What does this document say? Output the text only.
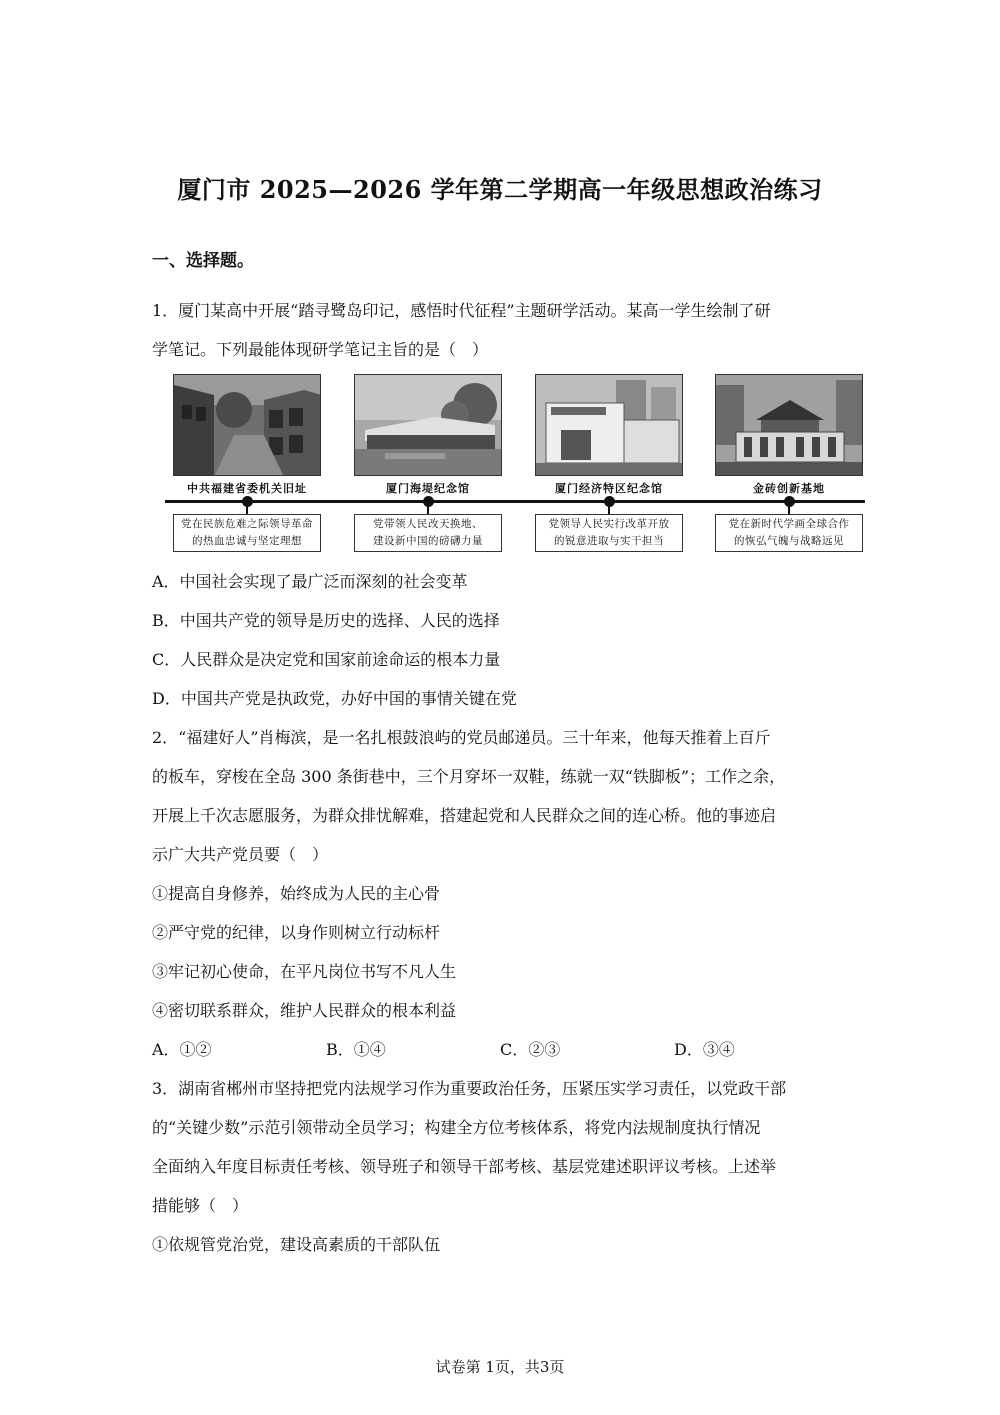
厦门市 2025—2026 学年第二学期高一年级思想政治练习
一、选择题。
1．厦门某高中开展“踏寻鹭岛印记，感悟时代征程”主题研学活动。某高一学生绘制了研
学笔记。下列最能体现研学笔记主旨的是（　）
中共福建省委机关旧址	厦门海堤纪念馆	厦门经济特区纪念馆	金砖创新基地
党在民族危难之际领导革命
的热血忠诚与坚定理想
党带领人民改天换地、
建设新中国的磅礴力量
党领导人民实行改革开放
的锐意进取与实干担当
党在新时代学画全球合作
的恢弘气魄与战略远见
A．中国社会实现了最广泛而深刻的社会变革
B．中国共产党的领导是历史的选择、人民的选择
C．人民群众是决定党和国家前途命运的根本力量
D．中国共产党是执政党，办好中国的事情关键在党
2．“福建好人”肖梅滨，是一名扎根鼓浪屿的党员邮递员。三十年来，他每天推着上百斤
的板车，穿梭在全岛 300 条街巷中，三个月穿坏一双鞋，练就一双“铁脚板”；工作之余，
开展上千次志愿服务，为群众排忧解难，搭建起党和人民群众之间的连心桥。他的事迹启
示广大共产党员要（　）
①提高自身修养，始终成为人民的主心骨
②严守党的纪律，以身作则树立行动标杆
③牢记初心使命，在平凡岗位书写不凡人生
④密切联系群众，维护人民群众的根本利益
A．①②	B．①④	C．②③	D．③④
3．湖南省郴州市坚持把党内法规学习作为重要政治任务，压紧压实学习责任，以党政干部
的“关键少数”示范引领带动全员学习；构建全方位考核体系，将党内法规制度执行情况
全面纳入年度目标责任考核、领导班子和领导干部考核、基层党建述职评议考核。上述举
措能够（　）
①依规管党治党，建设高素质的干部队伍
试卷第 1页，共3页
